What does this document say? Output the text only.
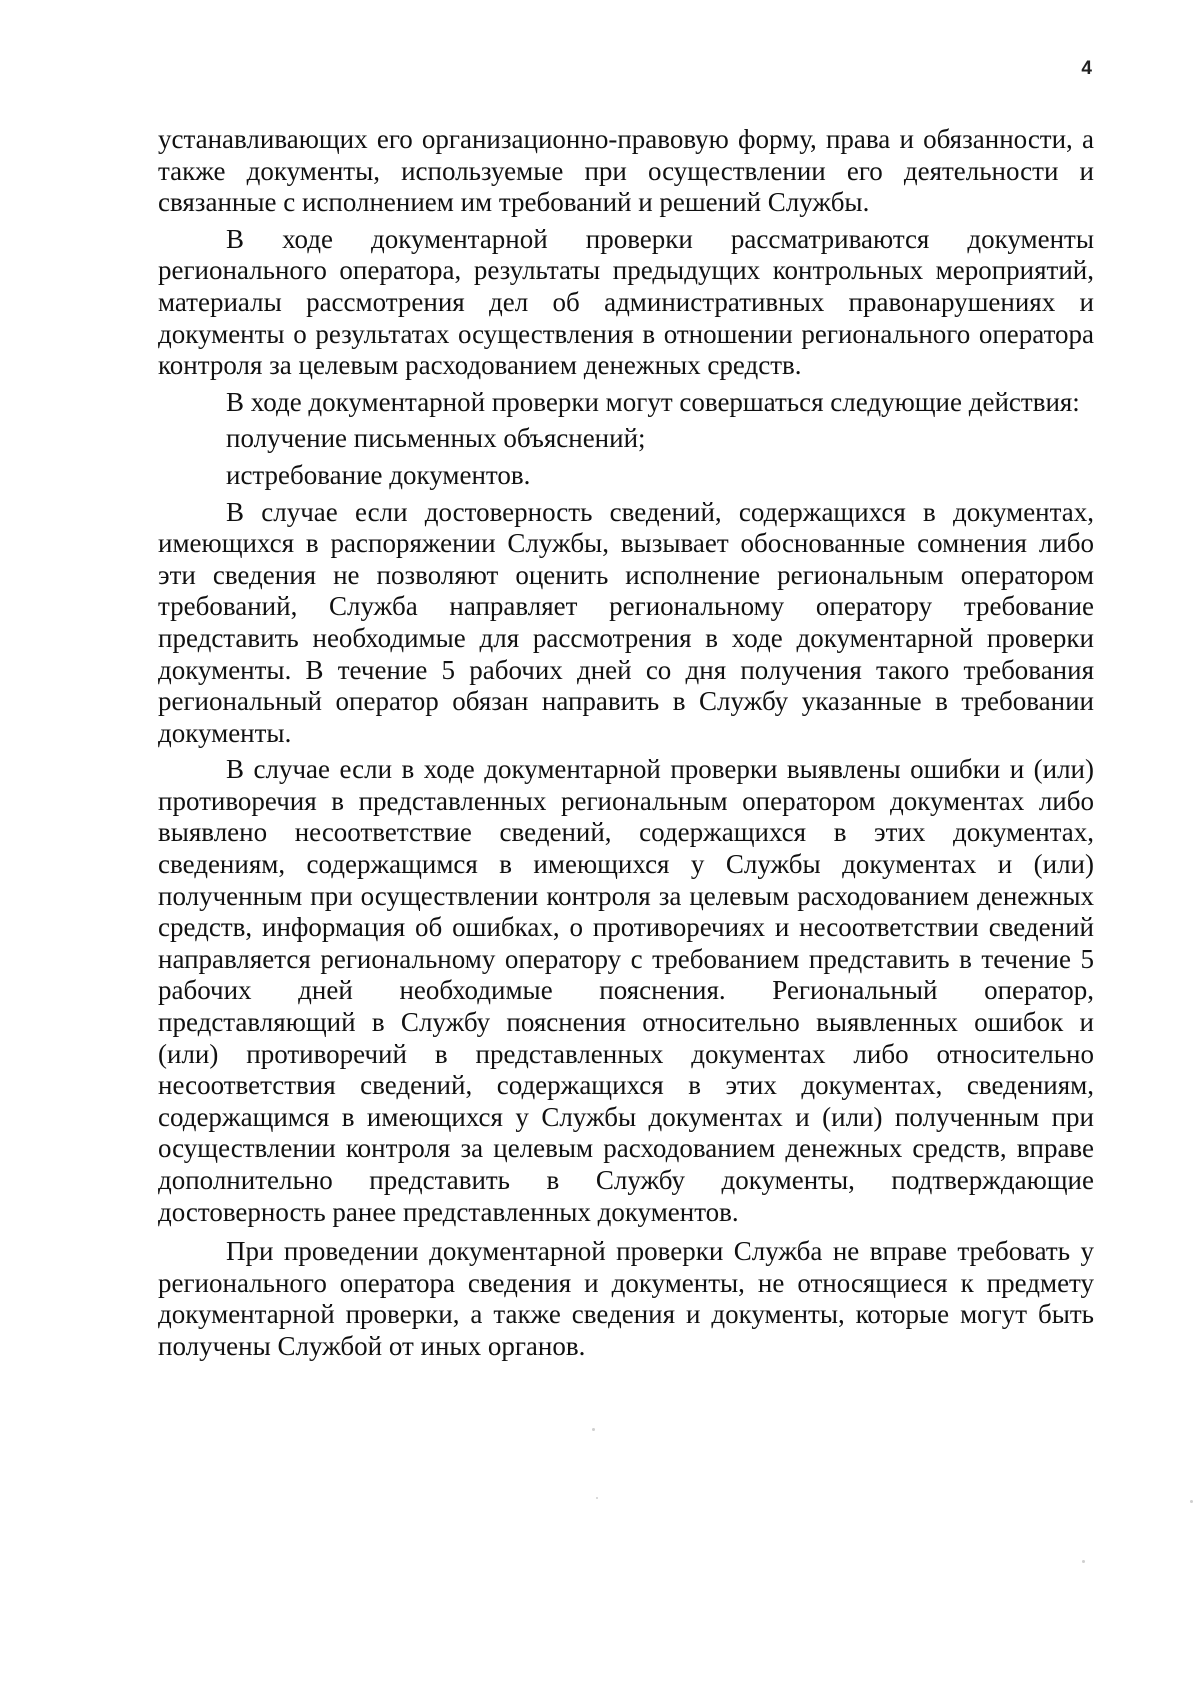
4

устанавливающих его организационно-правовую форму, права и обязанности, а также документы, используемые при осуществлении его деятельности и связанные с исполнением им требований и решений Службы.

В ходе документарной проверки рассматриваются документы регионального оператора, результаты предыдущих контрольных мероприятий, материалы рассмотрения дел об административных правонарушениях и документы о результатах осуществления в отношении регионального оператора контроля за целевым расходованием денежных средств.

В ходе документарной проверки могут совершаться следующие действия:

получение письменных объяснений;

истребование документов.

В случае если достоверность сведений, содержащихся в документах, имеющихся в распоряжении Службы, вызывает обоснованные сомнения либо эти сведения не позволяют оценить исполнение региональным оператором требований, Служба направляет региональному оператору требование представить необходимые для рассмотрения в ходе документарной проверки документы. В течение 5 рабочих дней со дня получения такого требования региональный оператор обязан направить в Службу указанные в требовании документы.

В случае если в ходе документарной проверки выявлены ошибки и (или) противоречия в представленных региональным оператором документах либо выявлено несоответствие сведений, содержащихся в этих документах, сведениям, содержащимся в имеющихся у Службы документах и (или) полученным при осуществлении контроля за целевым расходованием денежных средств, информация об ошибках, о противоречиях и несоответствии сведений направляется региональному оператору с требованием представить в течение 5 рабочих дней необходимые пояснения. Региональный оператор, представляющий в Службу пояснения относительно выявленных ошибок и (или) противоречий в представленных документах либо относительно несоответствия сведений, содержащихся в этих документах, сведениям, содержащимся в имеющихся у Службы документах и (или) полученным при осуществлении контроля за целевым расходованием денежных средств, вправе дополнительно представить в Службу документы, подтверждающие достоверность ранее представленных документов.

При проведении документарной проверки Служба не вправе требовать у регионального оператора сведения и документы, не относящиеся к предмету документарной проверки, а также сведения и документы, которые могут быть получены Службой от иных органов.
